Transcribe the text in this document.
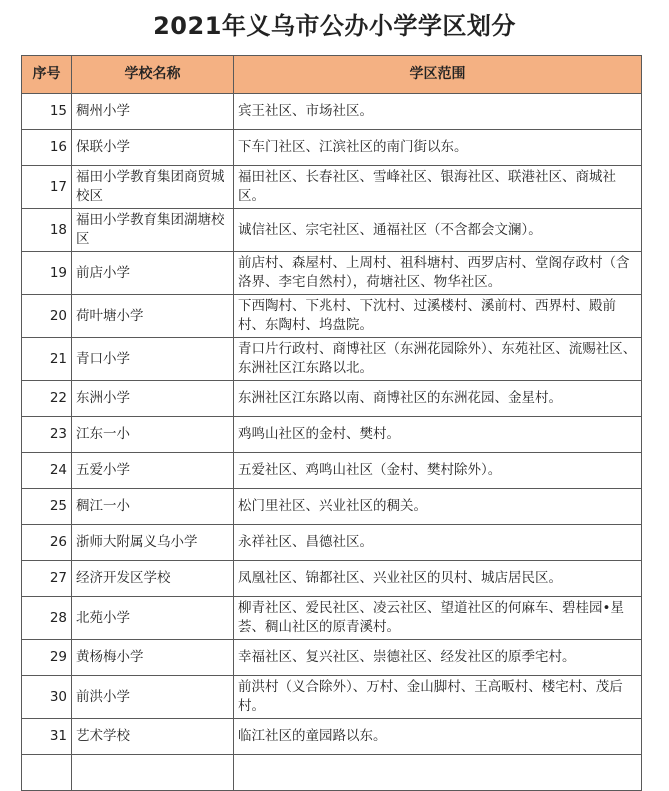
2021年义乌市公办小学学区划分
序号	学校名称	学区范围
15	稠州小学	宾王社区、市场社区。
16	保联小学	下车门社区、江滨社区的南门街以东。
17	福田小学教育集团商贸城校区	福田社区、长春社区、雪峰社区、银海社区、联港社区、商城社区。
18	福田小学教育集团湖塘校区	诚信社区、宗宅社区、通福社区（不含都会文澜）。
19	前店小学	前店村、森屋村、上周村、祖科塘村、西罗店村、堂阁存政村（含洛界、李宅自然村），荷塘社区、物华社区。
20	荷叶塘小学	下西陶村、下兆村、下沈村、过溪楼村、溪前村、西界村、殿前村、东陶村、坞盘院。
21	青口小学	青口片行政村、商博社区（东洲花园除外）、东苑社区、流赐社区、东洲社区江东路以北。
22	东洲小学	东洲社区江东路以南、商博社区的东洲花园、金星村。
23	江东一小	鸡鸣山社区的金村、樊村。
24	五爱小学	五爱社区、鸡鸣山社区（金村、樊村除外）。
25	稠江一小	松门里社区、兴业社区的稠关。
26	浙师大附属义乌小学	永祥社区、昌德社区。
27	经济开发区学校	凤凰社区、锦都社区、兴业社区的贝村、城店居民区。
28	北苑小学	柳青社区、爱民社区、凌云社区、望道社区的何麻车、碧桂园•星荟、稠山社区的原青溪村。
29	黄杨梅小学	幸福社区、复兴社区、崇德社区、经发社区的原季宅村。
30	前洪小学	前洪村（义合除外）、万村、金山脚村、王高畈村、楼宅村、茂后村。
31	艺术学校	临江社区的童园路以东。
